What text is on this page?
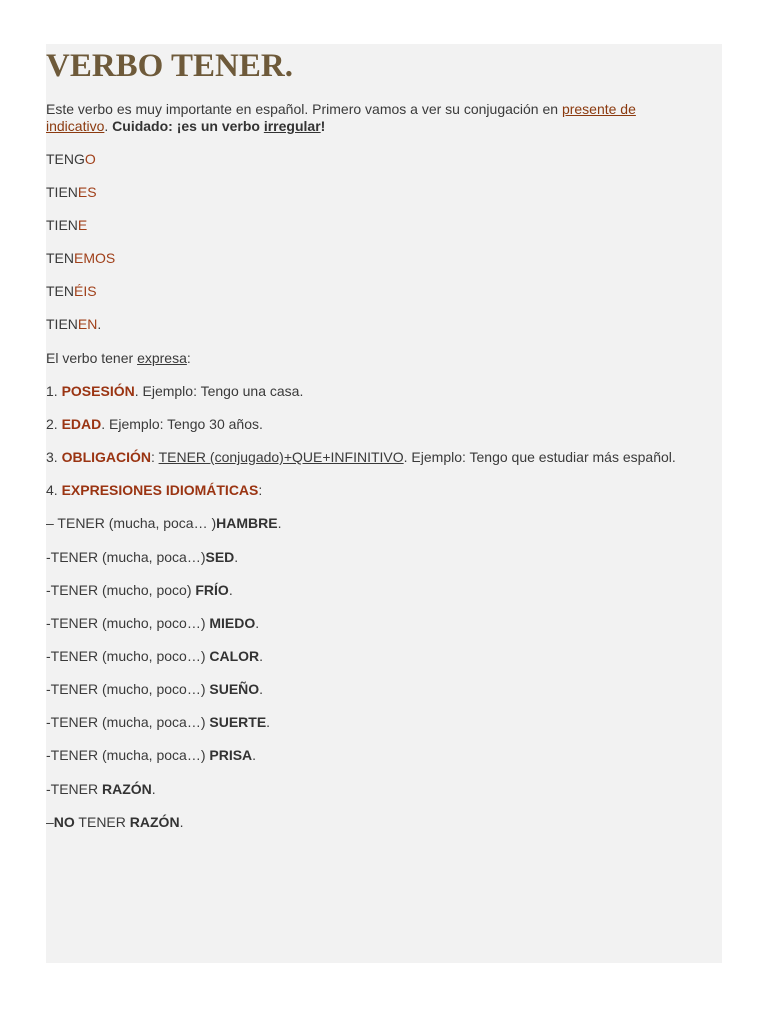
VERBO TENER.

Este verbo es muy importante en español. Primero vamos a ver su conjugación en presente de indicativo. Cuidado: ¡es un verbo irregular!

TENGO

TIENES

TIENE

TENEMOS

TENÉIS

TIENEN.

El verbo tener expresa:

1. POSESIÓN. Ejemplo: Tengo una casa.

2. EDAD. Ejemplo: Tengo 30 años.

3. OBLIGACIÓN: TENER (conjugado)+QUE+INFINITIVO. Ejemplo: Tengo que estudiar más español.

4. EXPRESIONES IDIOMÁTICAS:

– TENER (mucha, poca… )HAMBRE.

-TENER (mucha, poca…)SED.

-TENER (mucho, poco) FRÍO.

-TENER (mucho, poco…) MIEDO.

-TENER (mucho, poco…) CALOR.

-TENER (mucho, poco…) SUEÑO.

-TENER (mucha, poca…) SUERTE.

-TENER (mucha, poca…) PRISA.

-TENER RAZÓN.

–NO TENER RAZÓN.
